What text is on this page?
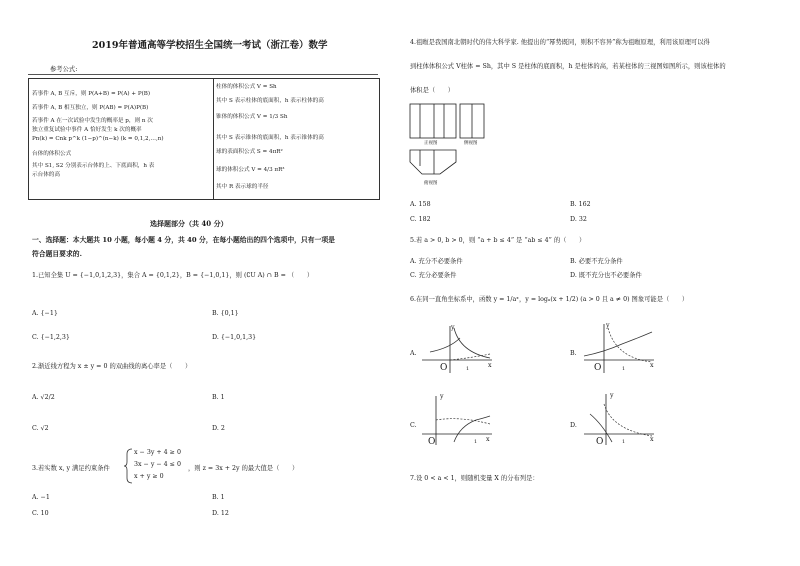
2019年普通高等学校招生全国统一考试（浙江卷）数学
参考公式:
若事件 A, B 互斥，则 P(A+B) = P(A) + P(B)
若事件 A, B 相互独立，则 P(AB) = P(A)P(B)
若事件 A 在一次试验中发生的概率是 p，则 n 次
独立重复试验中事件 A 恰好发生 k 次的概率
Pn(k) = Cnk p^k (1−p)^(n−k) (k = 0,1,2,…,n)
台体的体积公式
其中 S1, S2 分别表示台体的上、下底面积，h 表
示台体的高
柱体的体积公式 V = Sh
其中 S 表示柱体的底面积，h 表示柱体的高
锥体的体积公式 V = 1/3 Sh
其中 S 表示锥体的底面积，h 表示锥体的高
球的表面积公式 S = 4πR²
球的体积公式 V = 4/3 πR³
其中 R 表示球的半径
选择题部分（共 40 分）
一、选择题：本大题共 10 小题，每小题 4 分，共 40 分，在每小题给出的四个选项中，只有一项是
符合题目要求的.
1.已知全集 U = {−1,0,1,2,3}，集合 A = {0,1,2}，B = {−1,0,1}，则 (∁U A) ∩ B = （　　）
A. {−1}	B. {0,1}
C. {−1,2,3}	D. {−1,0,1,3}
2.渐近线方程为 x ± y = 0 的双曲线的离心率是（　　）
A. √2/2	B. 1
C. √2	D. 2
3.若实数 x, y 满足约束条件
x − 3y + 4 ≥ 0
3x − y − 4 ≤ 0
x + y ≥ 0
，则 z = 3x + 2y 的最大值是（　　）
A. −1	B. 1
C. 10	D. 12
4.祖暅是我国南北朝时代的伟大科学家. 他提出的“幂势既同，则积不容异”称为祖暅原理，利用该原理可以得
到柱体体积公式 V柱体 = Sh，其中 S 是柱体的底面积，h 是柱体的高，若某柱体的三视图如图所示，则该柱体的
体积是（　　）
正视图	侧视图
俯视图
A. 158	B. 162
C. 182	D. 32
5.若 a > 0, b > 0，则 “a + b ≤ 4” 是 “ab ≤ 4” 的（　　）
A. 充分不必要条件	B. 必要不充分条件
C. 充分必要条件	D. 既不充分也不必要条件
6.在同一直角坐标系中，函数 y = 1/aˣ，y = logₐ(x + 1/2) (a > 0 且 a ≠ 0) 图象可能是（　　）
A.
y
x
O	1
B.
y
x
O	1
C.
y
x
O	1
D.
y
x
O	1
7.设 0 < a < 1，则随机变量 X 的分布列是：
